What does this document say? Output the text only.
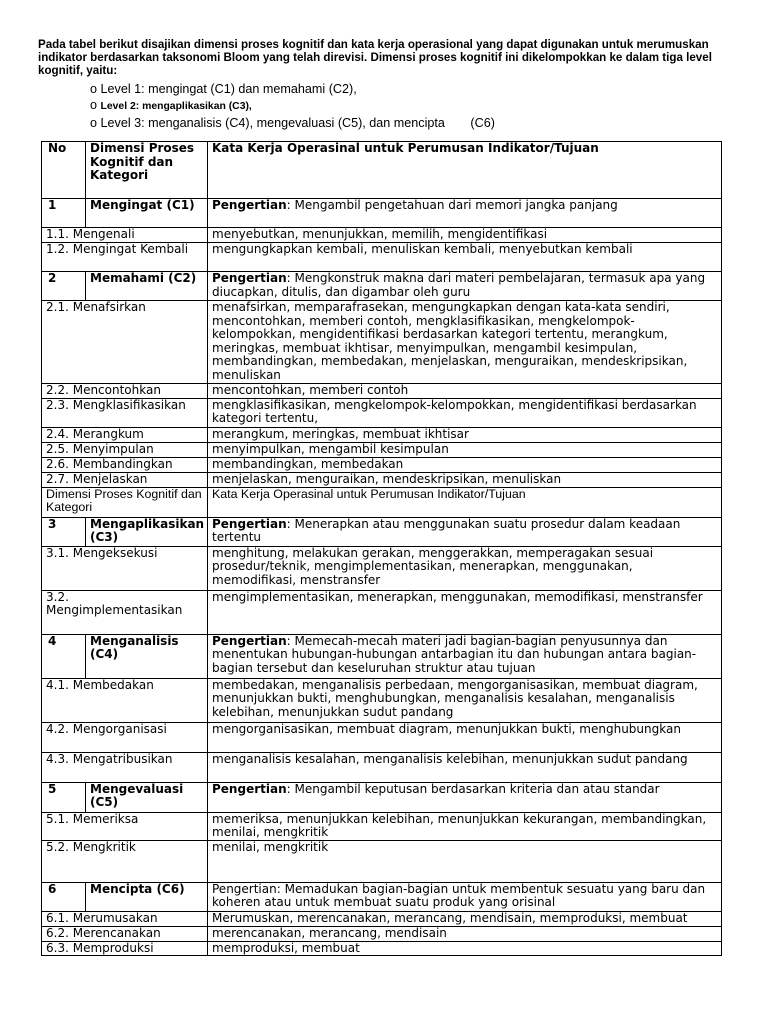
Pada tabel berikut disajikan dimensi proses kognitif dan kata kerja operasional yang dapat digunakan untuk merumuskan indikator berdasarkan taksonomi Bloom yang telah direvisi. Dimensi proses kognitif ini dikelompokkan ke dalam tiga level kognitif, yaitu:
o Level 1: mengingat (C1) dan memahami (C2),
o Level 2: mengaplikasikan (C3),
o Level 3: menganalisis (C4), mengevaluasi (C5), dan mencipta (C6)
No	Dimensi Proses Kognitif dan Kategori	Kata Kerja Operasinal untuk Perumusan Indikator/Tujuan
1	Mengingat (C1)	Pengertian: Mengambil pengetahuan dari memori jangka panjang
1.1. Mengenali		menyebutkan, menunjukkan, memilih, mengidentifikasi
1.2. Mengingat Kembali		mengungkapkan kembali, menuliskan kembali, menyebutkan kembali
2	Memahami (C2)	Pengertian: Mengkonstruk makna dari materi pembelajaran, termasuk apa yang diucapkan, ditulis, dan digambar oleh guru
2.1. Menafsirkan		menafsirkan, memparafrasekan, mengungkapkan dengan kata-kata sendiri, mencontohkan, memberi contoh, mengklasifikasikan, mengkelompok-kelompokkan, mengidentifikasi berdasarkan kategori tertentu, merangkum, meringkas, membuat ikhtisar, menyimpulkan, mengambil kesimpulan, membandingkan, membedakan, menjelaskan, menguraikan, mendeskripsikan, menuliskan
2.2. Mencontohkan		mencontohkan, memberi contoh
2.3. Mengklasifikasikan		mengklasifikasikan, mengkelompok-kelompokkan, mengidentifikasi berdasarkan kategori tertentu,
2.4. Merangkum		merangkum, meringkas, membuat ikhtisar
2.5. Menyimpulan		menyimpulkan, mengambil kesimpulan
2.6. Membandingkan		membandingkan, membedakan
2.7. Menjelaskan		menjelaskan, menguraikan, mendeskripsikan, menuliskan
Dimensi Proses Kognitif dan Kategori		Kata Kerja Operasinal untuk Perumusan Indikator/Tujuan
3	Mengaplikasikan (C3)	Pengertian: Menerapkan atau menggunakan suatu prosedur dalam keadaan tertentu
3.1. Mengeksekusi		menghitung, melakukan gerakan, menggerakkan, memperagakan sesuai prosedur/teknik, mengimplementasikan, menerapkan, menggunakan, memodifikasi, menstransfer
3.2. Mengimplementasikan		mengimplementasikan, menerapkan, menggunakan, memodifikasi, menstransfer
4	Menganalisis (C4)	Pengertian: Memecah-mecah materi jadi bagian-bagian penyusunnya dan menentukan hubungan-hubungan antarbagian itu dan hubungan antara bagian-bagian tersebut dan keseluruhan struktur atau tujuan
4.1. Membedakan		membedakan, menganalisis perbedaan, mengorganisasikan, membuat diagram, menunjukkan bukti, menghubungkan, menganalisis kesalahan, menganalisis kelebihan, menunjukkan sudut pandang
4.2. Mengorganisasi		mengorganisasikan, membuat diagram, menunjukkan bukti, menghubungkan
4.3. Mengatribusikan		menganalisis kesalahan, menganalisis kelebihan, menunjukkan sudut pandang
5	Mengevaluasi (C5)	Pengertian: Mengambil keputusan berdasarkan kriteria dan atau standar
5.1. Memeriksa		memeriksa, menunjukkan kelebihan, menunjukkan kekurangan, membandingkan, menilai, mengkritik
5.2. Mengkritik		menilai, mengkritik
6	Mencipta (C6)	Pengertian: Memadukan bagian-bagian untuk membentuk sesuatu yang baru dan koheren atau untuk membuat suatu produk yang orisinal
6.1. Merumusakan		Merumuskan, merencanakan, merancang, mendisain, memproduksi, membuat
6.2. Merencanakan		merencanakan, merancang, mendisain
6.3. Memproduksi		memproduksi, membuat
